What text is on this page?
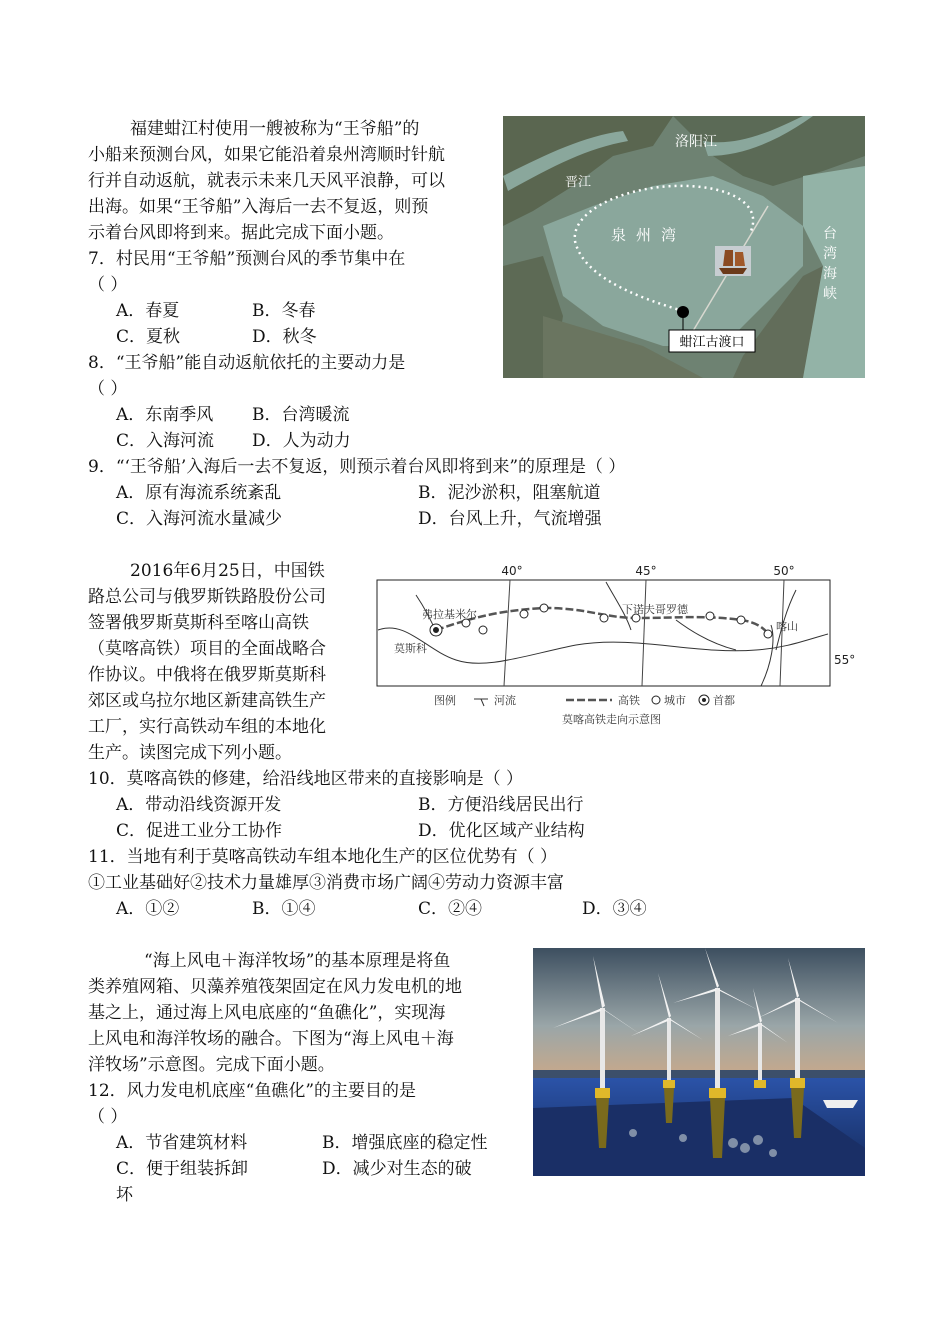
福建蚶江村使用一艘被称为“王爷船”的
小船来预测台风，如果它能沿着泉州湾顺时针航
行并自动返航，就表示未来几天风平浪静，可以
出海。如果“王爷船”入海后一去不复返，则预
示着台风即将到来。据此完成下面小题。
7．村民用“王爷船”预测台风的季节集中在
（ ）
A．春夏	B．冬春
C．夏秋	D．秋冬
8．“王爷船”能自动返航依托的主要动力是
（ ）
A．东南季风 B．台湾暖流
C．入海河流 D．人为动力
9．“‘王爷船’入海后一去不复返，则预示着台风即将到来”的原理是（ ）
A．原有海流系统紊乱	B．泥沙淤积，阻塞航道
C．入海河流水量减少	D．台风上升，气流增强
蚶江古渡口
洛阳江
晋江
泉州湾	台
湾
海
峡
2016年6月25日，中国铁
路总公司与俄罗斯铁路股份公司
签署俄罗斯莫斯科至喀山高铁
（莫喀高铁）项目的全面战略合
作协议。中俄将在俄罗斯莫斯科
郊区或乌拉尔地区新建高铁生产
工厂，实行高铁动车组的本地化
生产。读图完成下列小题。
40°	45°	50°
55°
弗拉基米尔
莫斯科
下诺夫哥罗德
喀山
图例	河流	高铁 城市 首都
莫喀高铁走向示意图
10．莫喀高铁的修建，给沿线地区带来的直接影响是（ ）
A．带动沿线资源开发	B．方便沿线居民出行
C．促进工业分工协作	D．优化区域产业结构
11．当地有利于莫喀高铁动车组本地化生产的区位优势有（ ）
①工业基础好②技术力量雄厚③消费市场广阔④劳动力资源丰富
A．①②	B．①④	C．②④	D．③④
“海上风电＋海洋牧场”的基本原理是将鱼
类养殖网箱、贝藻养殖筏架固定在风力发电机的地
基之上，通过海上风电底座的“鱼礁化”，实现海
上风电和海洋牧场的融合。下图为“海上风电＋海
洋牧场”示意图。完成下面小题。
12．风力发电机底座“鱼礁化”的主要目的是
（ ）
A．节省建筑材料	B．增强底座的稳定性
C．便于组装拆卸	D．减少对生态的破
坏
